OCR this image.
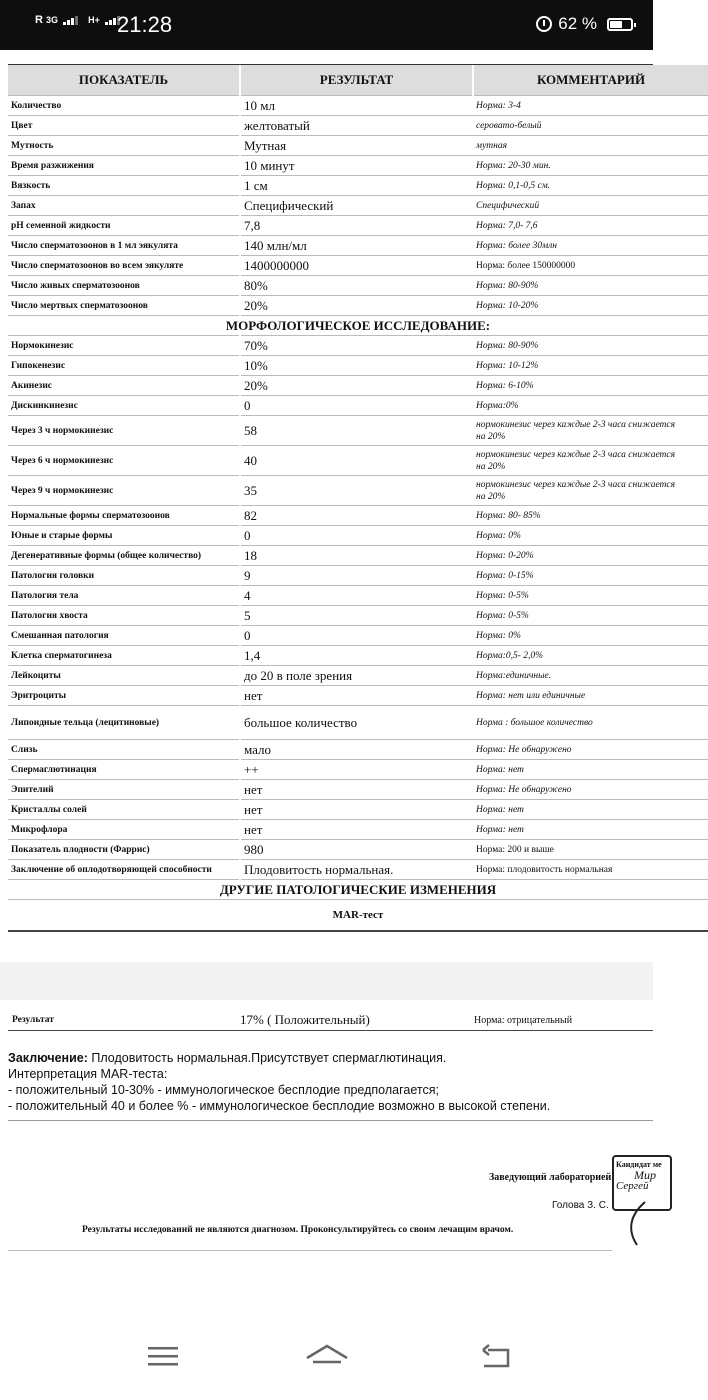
R 3G	H+ 21:28	62 %
ПОКАЗАТЕЛЬ	РЕЗУЛЬТАТ	КОММЕНТАРИЙ
Количество	10 мл	Норма: 3-4
Цвет	желтоватый	серовато-белый
Мутность	Мутная	мутная
Время разжижения	10 минут	Норма: 20-30 мин.
Вязкость	1 см	Норма: 0,1-0,5 см.
Запах	Специфический	Специфический
pH семенной жидкости	7,8	Норма: 7,0- 7,6
Число сперматозоонов в 1 мл эякулята	140 млн/мл	Норма: более 30млн
Число сперматозоонов во всем эякуляте	1400000000	Норма: более 150000000
Число живых сперматозоонов	80%	Норма: 80-90%
Число мертвых сперматозоонов	20%	Норма: 10-20%
МОРФОЛОГИЧЕСКОЕ ИССЛЕДОВАНИЕ:		
Нормокинезис	70%	Норма: 80-90%
Гипокенезис	10%	Норма: 10-12%
Акинезис	20%	Норма: 6-10%
Дискинкинезис	0	Норма:0%
Через 3 ч нормокинезис	58	нормокинезис через каждые 2-3 часа снижается
на 20%

Через 6 ч нормокинезис	40	нормокинезис через каждые 2-3 часа снижается
на 20%

Через 9 ч нормокинезис	35	нормокинезис через каждые 2-3 часа снижается
на 20%

Нормальные формы сперматозоонов	82	Норма: 80- 85%
Юные и старые формы	0	Норма: 0%
Дегенеративные формы (общее количество)	18	Норма: 0-20%
Патология головки	9	Норма: 0-15%
Патология тела	4	Норма: 0-5%
Патология хвоста	5	Норма: 0-5%
Смешанная патология	0	Норма: 0%
Клетка сперматогинеза	1,4	Норма:0,5- 2,0%
Лейкоциты	до 20 в поле зрения	Норма:единичные.
Эритроциты	нет	Норма: нет или единичные
Липоидные тельца (лецитиновые)	большое количество	Норма : большое количество
Слизь	мало	Норма: Не обнаружено
Спермаглютинация	++	Норма: нет
Эпителий	нет	Норма: Не обнаружено
Кристаллы солей	нет	Норма: нет
Микрофлора	нет	Норма: нет
Показатель плодности (Фаррис)	980	Норма: 200 и выше
Заключение об оплодотворяющей способности	Плодовитость нормальная.	Норма: плодовитость нормальная
ДРУГИЕ ПАТОЛОГИЧЕСКИЕ ИЗМЕНЕНИЯ		
MAR-тест		
Результат	17% ( Положительный)	Норма: отрицательный
Заключение: Плодовитость нормальная.Присутствует спермаглютинация.
Интерпретация MAR-теста:
- положительный 10-30% - иммунологическое бесплодие предполагается;
- положительный 40 и более % - иммунологическое бесплодие возможно в высокой степени.
Заведующий лабораторией:
Голова З. С.
Кандидат ме
Мир
Сергей
Результаты исследований не являются диагнозом. Проконсультируйтесь со своим лечащим врачом.
